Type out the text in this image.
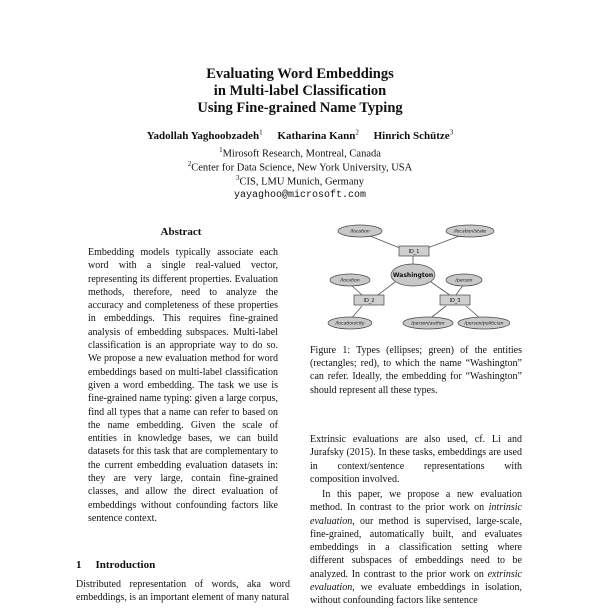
Evaluating Word Embeddings
in Multi-label Classification
Using Fine-grained Name Typing
Yadollah Yaghoobzadeh$^1$ Katharina Kann$^2$ Hinrich Schütze$^3$
$^1$Mirosoft Research, Montreal, Canada
$^2$Center for Data Science, New York University, USA
$^3$CIS, LMU Munich, Germany
yayaghoo@microsoft.com
Abstract
Embedding models typically associate each word with a single real-valued vector, representing its different properties. Evaluation methods, therefore, need to analyze the accuracy and completeness of these properties in embeddings. This requires fine-grained analysis of embedding subspaces. Multi-label classification is an appropriate way to do so. We propose a new evaluation method for word embeddings based on multi-label classification given a word embedding. The task we use is fine-grained name typing: given a large corpus, find all types that a name can refer to based on the name embedding. Given the scale of entities in knowledge bases, we can build datasets for this task that are complementary to the current embedding evaluation datasets in: they are very large, contain fine-grained classes, and allow the direct evaluation of embeddings without confounding factors like sentence context.
1 Introduction
Distributed representation of words, aka word embeddings, is an important element of many natural
/location	/location/state
/location
/location/city
/person
/person/author	/person/politician
ID_1
ID_2	ID_3
Washington
Figure 1: Types (ellipses; green) of the entities (rectangles; red), to which the name “Washington” can refer. Ideally, the embedding for “Washington” should represent all these types.
Extrinsic evaluations are also used, cf. Li and Jurafsky (2015). In these tasks, embeddings are used in context/sentence representations with composition involved.
In this paper, we propose a new evaluation method. In contrast to the prior work on intrinsic evaluation, our method is supervised, large-scale, fine-grained, automatically built, and evaluates embeddings in a classification setting where different subspaces of embeddings need to be analyzed. In contrast to the prior work on extrinsic evaluation, we evaluate embeddings in isolation, without confounding factors like sentence
